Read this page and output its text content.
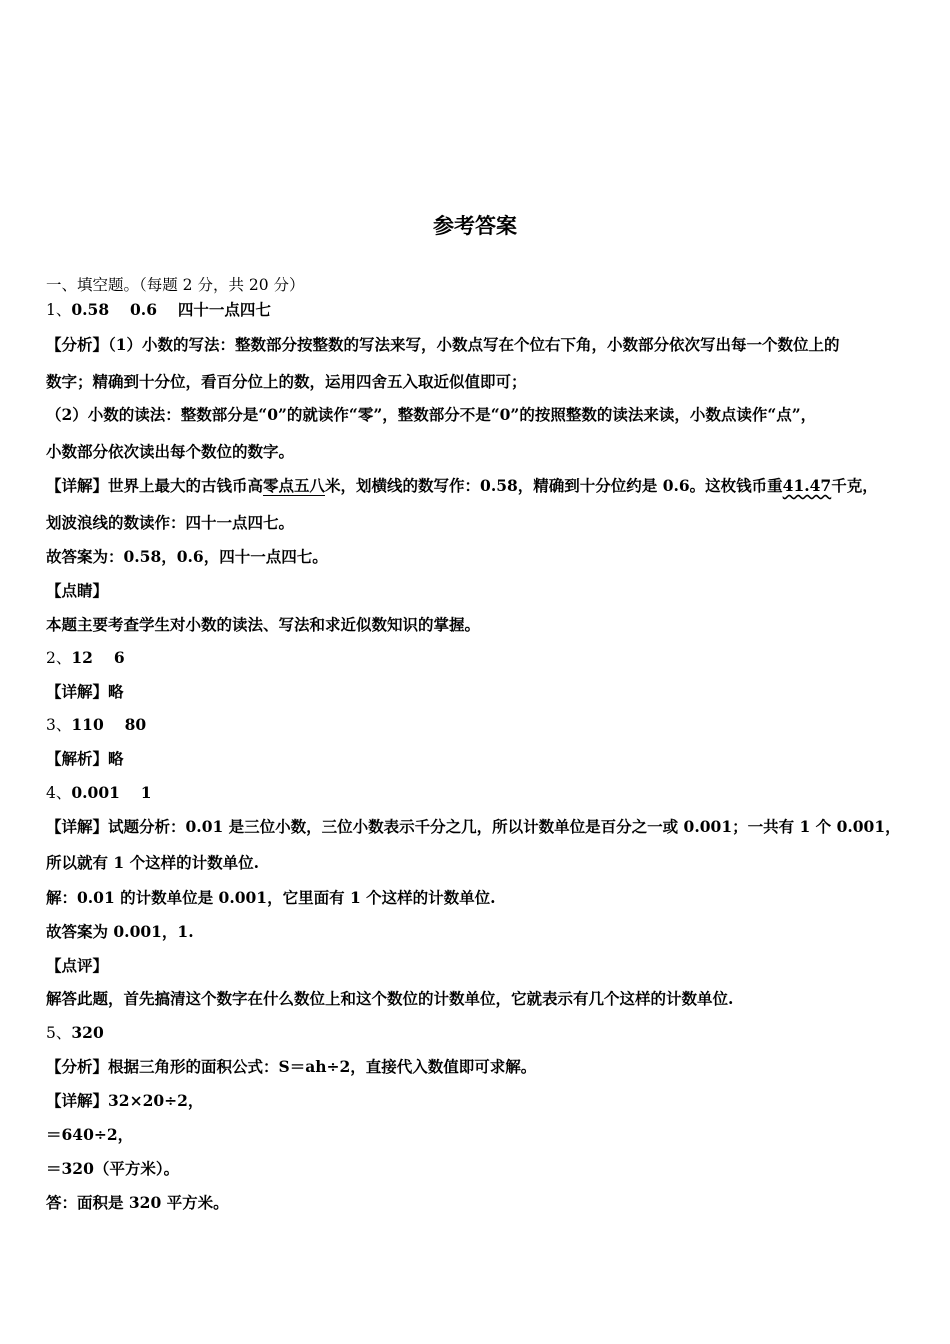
参考答案
一、填空题。（每题 2 分，共 20 分）
1、0.58　 0.6 　四十一点四七
【分析】（1）小数的写法：整数部分按整数的写法来写，小数点写在个位右下角，小数部分依次写出每一个数位上的
数字；精确到十分位，看百分位上的数，运用四舍五入取近似值即可；
（2）小数的读法：整数部分是“0”的就读作“零”，整数部分不是“0”的按照整数的读法来读，小数点读作“点”，
小数部分依次读出每个数位的数字。
【详解】世界上最大的古钱币高零点五八米，划横线的数写作：0.58，精确到十分位约是 0.6。这枚钱币重41.47千克，
划波浪线的数读作：四十一点四七。
故答案为：0.58，0.6，四十一点四七。
【点睛】
本题主要考查学生对小数的读法、写法和求近似数知识的掌握。
2、12 　6
【详解】略
3、110 　80
【解析】略
4、0.001 　1
【详解】试题分析：0.01 是三位小数，三位小数表示千分之几，所以计数单位是百分之一或 0.001；一共有 1 个 0.001，
所以就有 1 个这样的计数单位.
解：0.01 的计数单位是 0.001，它里面有 1 个这样的计数单位.
故答案为 0.001，1.
【点评】
解答此题，首先搞清这个数字在什么数位上和这个数位的计数单位，它就表示有几个这样的计数单位.
5、320
【分析】根据三角形的面积公式：S＝ah÷2，直接代入数值即可求解。
【详解】32×20÷2，
＝640÷2，
＝320（平方米）。
答：面积是 320 平方米。
